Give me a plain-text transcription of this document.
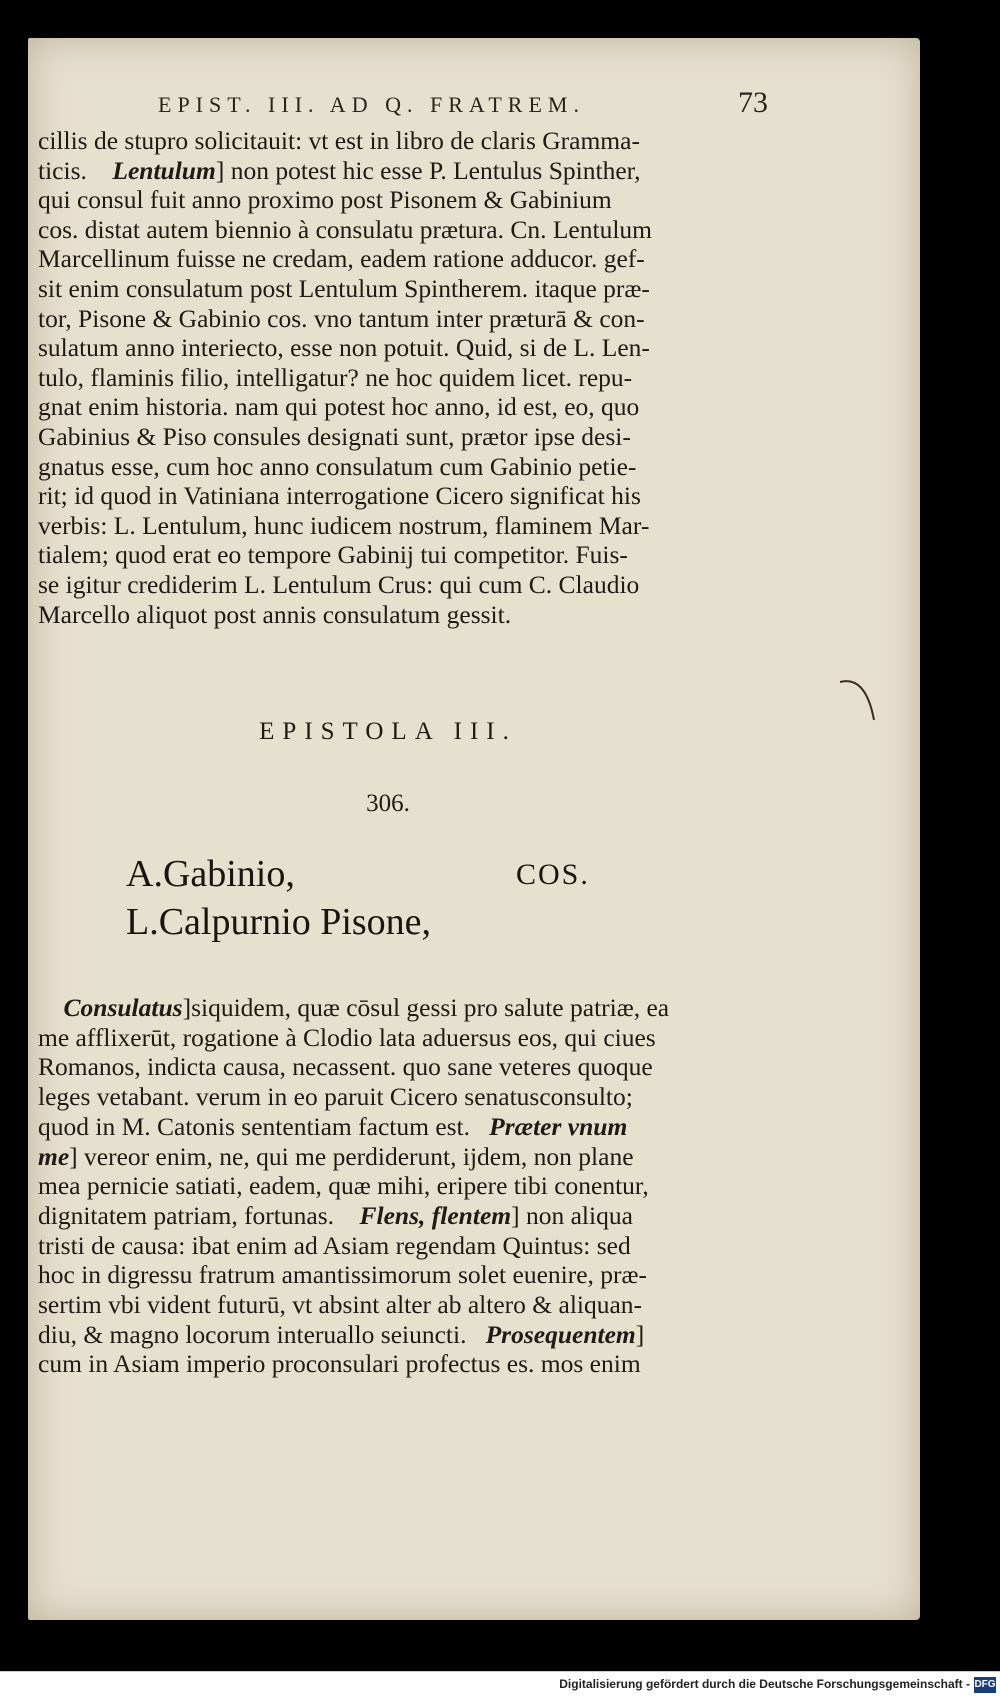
EPIST. III. AD Q. FRATREM.	73
cillis de stupro solicitauit: vt est in libro de claris Gramma-
ticis. Lentulum] non potest hic esse P. Lentulus Spinther,
qui consul fuit anno proximo post Pisonem & Gabinium
cos. distat autem biennio à consulatu prætura. Cn. Lentulum
Marcellinum fuisse ne credam, eadem ratione adducor. gef-
sit enim consulatum post Lentulum Spintherem. itaque præ-
tor, Pisone & Gabinio cos. vno tantum inter præturā & con-
sulatum anno interiecto, esse non potuit. Quid, si de L. Len-
tulo, flaminis filio, intelligatur? ne hoc quidem licet. repu-
gnat enim historia. nam qui potest hoc anno, id est, eo, quo
Gabinius & Piso consules designati sunt, prætor ipse desi-
gnatus esse, cum hoc anno consulatum cum Gabinio petie-
rit; id quod in Vatiniana interrogatione Cicero significat his
verbis: L. Lentulum, hunc iudicem nostrum, flaminem Mar-
tialem; quod erat eo tempore Gabinij tui competitor. Fuis-
se igitur crediderim L. Lentulum Crus: qui cum C. Claudio
Marcello aliquot post annis consulatum gessit.
EPISTOLA III.
306.
A.Gabinio,
L.Calpurnio Pisone,
COS.
Consulatus]siquidem, quæ cōsul gessi pro salute patriæ, ea
me afflixerūt, rogatione à Clodio lata aduersus eos, qui ciues
Romanos, indicta causa, necassent. quo sane veteres quoque
leges vetabant. verum in eo paruit Cicero senatusconsulto;
quod in M. Catonis sententiam factum est. Præter vnum
me] vereor enim, ne, qui me perdiderunt, ijdem, non plane
mea pernicie satiati, eadem, quæ mihi, eripere tibi conentur,
dignitatem patriam, fortunas. Flens, flentem] non aliqua
tristi de causa: ibat enim ad Asiam regendam Quintus: sed
hoc in digressu fratrum amantissimorum solet euenire, præ-
sertim vbi vident futurū, vt absint alter ab altero & aliquan-
diu, & magno locorum interuallo seiuncti. Prosequentem]
cum in Asiam imperio proconsulari profectus es. mos enim
Digitalisierung gefördert durch die Deutsche Forschungsgemeinschaft - DFG
